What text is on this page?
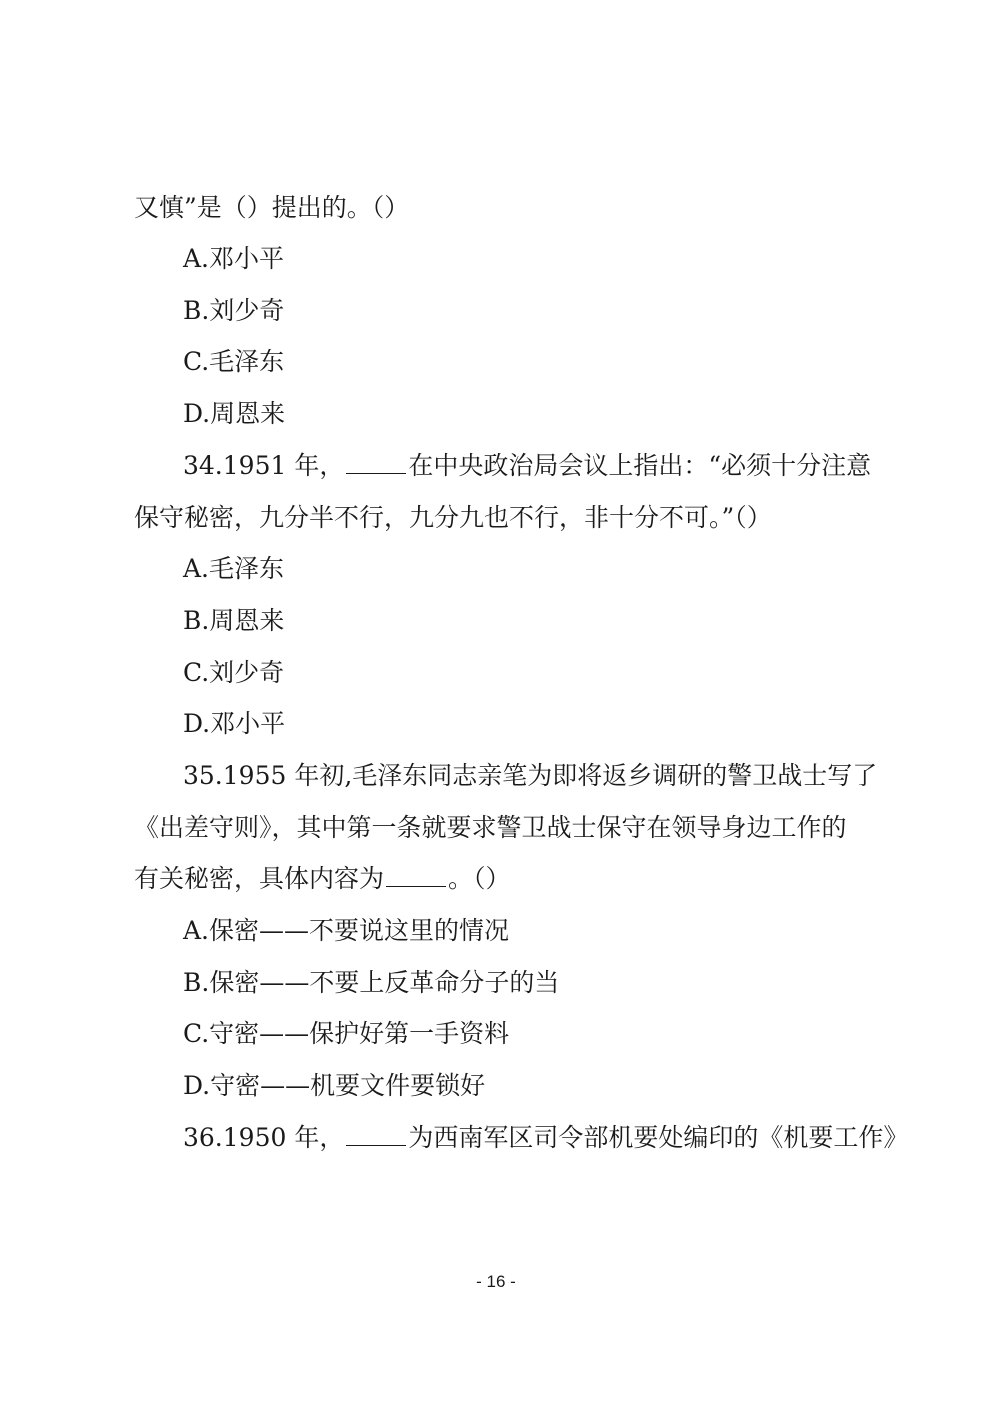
又慎”是（）提出的。（）
A.邓小平
B.刘少奇
C.毛泽东
D.周恩来
34.1951 年，	在中央政治局会议上指出：“必须十分注意
保守秘密，九分半不行，九分九也不行，非十分不可。”（）
A.毛泽东
B.周恩来
C.刘少奇
D.邓小平
35.1955 年初,毛泽东同志亲笔为即将返乡调研的警卫战士写了
《出差守则》，其中第一条就要求警卫战士保守在领导身边工作的
有关秘密，具体内容为	。（）
A.保密——不要说这里的情况
B.保密——不要上反革命分子的当
C.守密——保护好第一手资料
D.守密——机要文件要锁好
36.1950 年，	为西南军区司令部机要处编印的《机要工作》
- 16 -
